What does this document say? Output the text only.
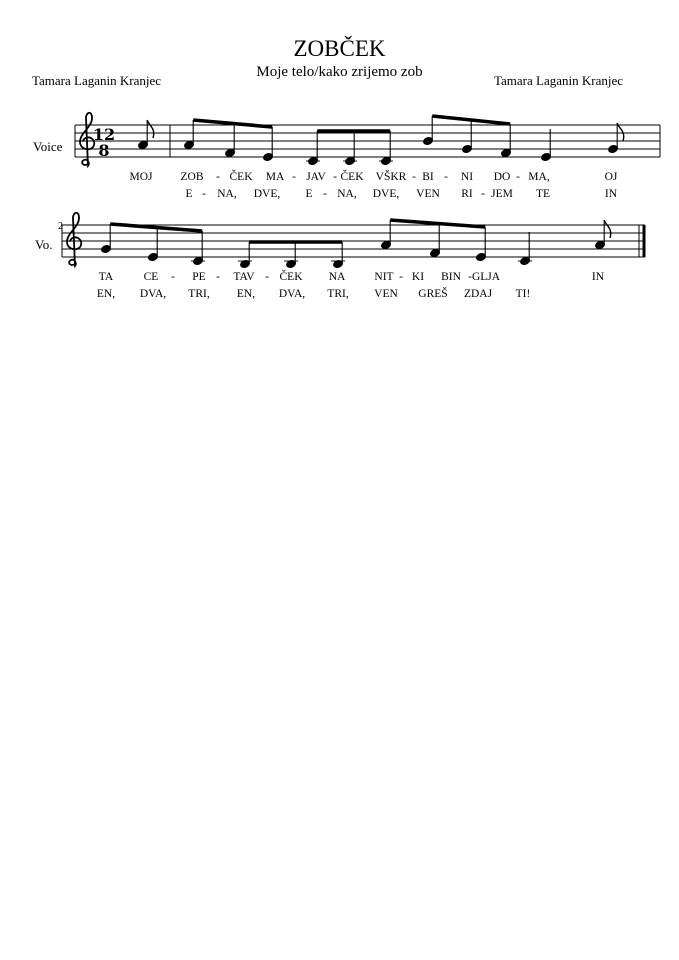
ZOBČEK
Moje telo/kako zrijemo zob
Tamara Laganin Kranjec	Tamara Laganin Kranjec
Voice
Vo.
2
12
8
MOJ ZOB - ČEK MA - JAV - ČEK VŠKR - BI - NI DO - MA,	OJ
E - NA, DVE, E - NA, DVE, VEN RI - JEM TE	IN
TA	CE - PE - TAV - ČEK NA	NIT - KI BIN - GLJA	IN
EN, DVA, TRI, EN, DVA, TRI, VEN GREŠ ZDAJ TI!
